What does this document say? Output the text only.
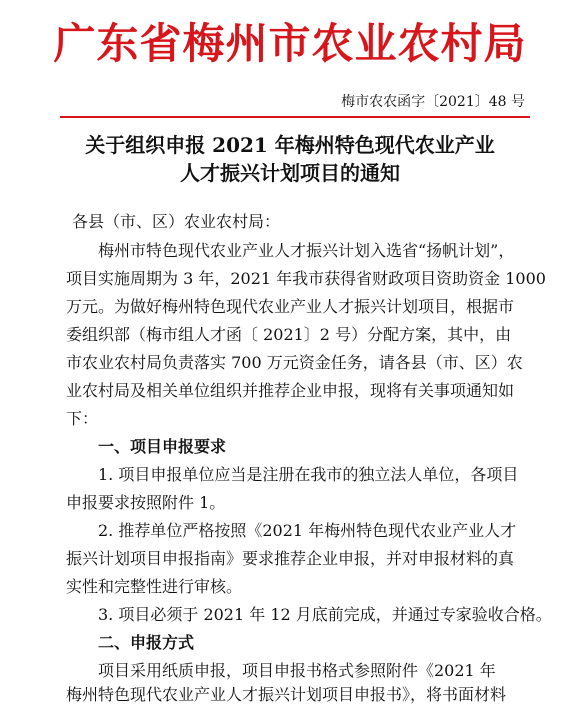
广东省梅州市农业农村局
梅市农农函字〔2021〕48 号
关于组织申报 2021 年梅州特色现代农业产业
人才振兴计划项目的通知
各县（市、区）农业农村局：
梅州市特色现代农业产业人才振兴计划入选省“扬帆计划”，
项目实施周期为 3 年，2021 年我市获得省财政项目资助资金 1000
万元。为做好梅州特色现代农业产业人才振兴计划项目，根据市
委组织部（梅市组人才函〔 2021〕2 号）分配方案，其中，由
市农业农村局负责落实 700 万元资金任务，请各县（市、区）农
业农村局及相关单位组织并推荐企业申报，现将有关事项通知如
下：
一、项目申报要求
1. 项目申报单位应当是注册在我市的独立法人单位，各项目
申报要求按照附件 1。
2. 推荐单位严格按照《2021 年梅州特色现代农业产业人才
振兴计划项目申报指南》要求推荐企业申报，并对申报材料的真
实性和完整性进行审核。
3. 项目必须于 2021 年 12 月底前完成，并通过专家验收合格。
二、申报方式
项目采用纸质申报，项目申报书格式参照附件《2021 年
梅州特色现代农业产业人才振兴计划项目申报书》，将书面材料
